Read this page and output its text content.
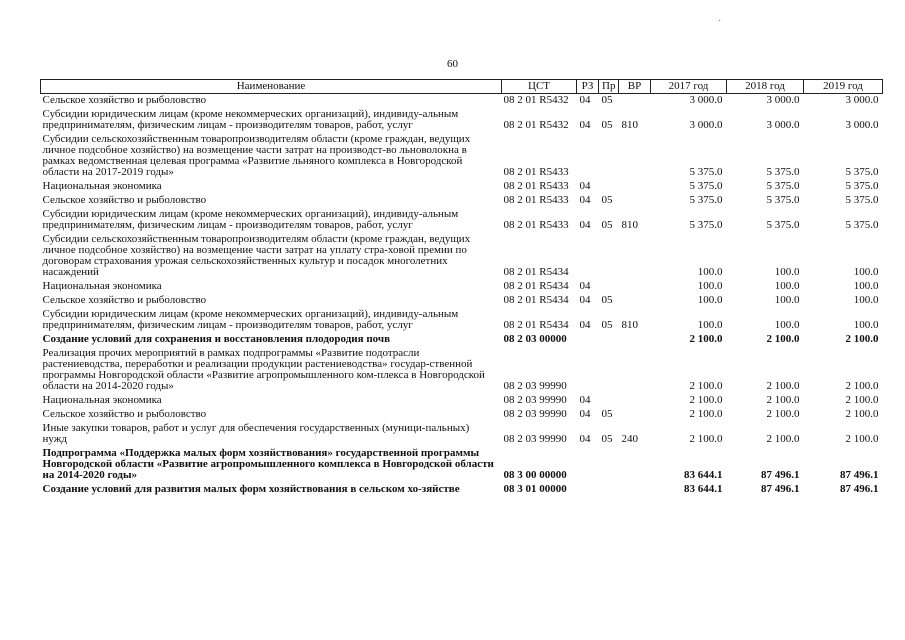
·
60
Наименование	ЦСТ	РЗ	Пр	ВР	2017 год	2018 год	2019 год
Сельское хозяйство и рыболовство	08 2 01 R5432	04	05		3 000.0	3 000.0	3 000.0
Субсидии юридическим лицам (кроме некоммерческих организаций), индивиду-альным предпринимателям, физическим лицам - производителям товаров, работ, услуг	08 2 01 R5432	04	05	810	3 000.0	3 000.0	3 000.0
Субсидии сельскохозяйственным товаропроизводителям области (кроме граждан, ведущих личное подсобное хозяйство) на возмещение части затрат на производст-во льноволокна в рамках ведомственная целевая программа «Развитие льняного комплекса в Новгородской области на 2017-2019 годы»	08 2 01 R5433				5 375.0	5 375.0	5 375.0
Национальная экономика	08 2 01 R5433	04			5 375.0	5 375.0	5 375.0
Сельское хозяйство и рыболовство	08 2 01 R5433	04	05		5 375.0	5 375.0	5 375.0
Субсидии юридическим лицам (кроме некоммерческих организаций), индивиду-альным предпринимателям, физическим лицам - производителям товаров, работ, услуг	08 2 01 R5433	04	05	810	5 375.0	5 375.0	5 375.0
Субсидии сельскохозяйственным товаропроизводителям области (кроме граждан, ведущих личное подсобное хозяйство) на возмещение части затрат на уплату стра-ховой премии по договорам страхования урожая сельскохозяйственных культур и посадок многолетних насаждений	08 2 01 R5434				100.0	100.0	100.0
Национальная экономика	08 2 01 R5434	04			100.0	100.0	100.0
Сельское хозяйство и рыболовство	08 2 01 R5434	04	05		100.0	100.0	100.0
Субсидии юридическим лицам (кроме некоммерческих организаций), индивиду-альным предпринимателям, физическим лицам - производителям товаров, работ, услуг	08 2 01 R5434	04	05	810	100.0	100.0	100.0
Создание условий для сохранения и восстановления плодородия почв	08 2 03 00000				2 100.0	2 100.0	2 100.0
Реализация прочих мероприятий в рамках подпрограммы «Развитие подотрасли растениеводства, переработки и реализации продукции растениеводства» государ-ственной программы Новгородской области «Развитие агропромышленного ком-плекса в Новгородской области на 2014-2020 годы»	08 2 03 99990				2 100.0	2 100.0	2 100.0
Национальная экономика	08 2 03 99990	04			2 100.0	2 100.0	2 100.0
Сельское хозяйство и рыболовство	08 2 03 99990	04	05		2 100.0	2 100.0	2 100.0
Иные закупки товаров, работ и услуг для обеспечения государственных (муници-пальных) нужд	08 2 03 99990	04	05	240	2 100.0	2 100.0	2 100.0
Подпрограмма «Поддержка малых форм хозяйствования» государственной программы Новгородской области «Развитие агропромышленного комплекса в Новгородской области на 2014-2020 годы»	08 3 00 00000				83 644.1	87 496.1	87 496.1
Создание условий для развития малых форм хозяйствования в сельском хо-зяйстве	08 3 01 00000				83 644.1	87 496.1	87 496.1
